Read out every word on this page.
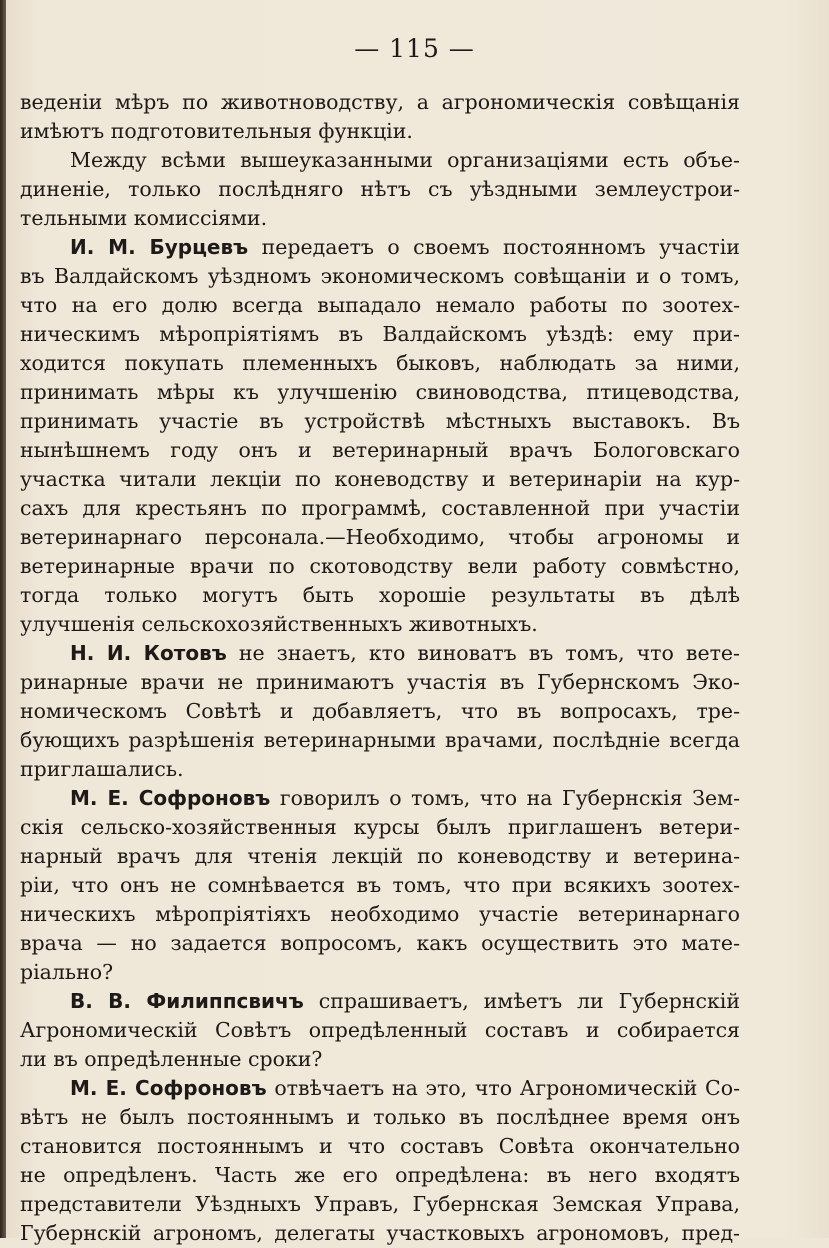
— 115 —
веденіи мѣръ по животноводству, а агрономическія совѣщанія
имѣютъ подготовительныя функціи.
Между всѣми вышеуказанными организаціями есть объе-
диненіе, только послѣдняго нѣтъ съ уѣздными землеустрои-
тельными комиссіями.
И. М. Бурцевъ передаетъ о своемъ постоянномъ участіи
въ Валдайскомъ уѣздномъ экономическомъ совѣщаніи и о томъ,
что на его долю всегда выпадало немало работы по зоотех-
ническимъ мѣропріятіямъ въ Валдайскомъ уѣздѣ: ему при-
ходится покупать племенныхъ быковъ, наблюдать за ними,
принимать мѣры къ улучшенію свиноводства, птицеводства,
принимать участіе въ устройствѣ мѣстныхъ выставокъ. Въ
нынѣшнемъ году онъ и ветеринарный врачъ Бологовскаго
участка читали лекціи по коневодству и ветеринаріи на кур-
сахъ для крестьянъ по программѣ, составленной при участіи
ветеринарнаго персонала.—Необходимо, чтобы агрономы и
ветеринарные врачи по скотоводству вели работу совмѣстно,
тогда только могутъ быть хорошіе результаты въ дѣлѣ
улучшенія сельскохозяйственныхъ животныхъ.
Н. И. Котовъ не знаетъ, кто виноватъ въ томъ, что вете-
ринарные врачи не принимаютъ участія въ Губернскомъ Эко-
номическомъ Совѣтѣ и добавляетъ, что въ вопросахъ, тре-
бующихъ разрѣшенія ветеринарными врачами, послѣдніе всегда
приглашались.
М. Е. Софроновъ говорилъ о томъ, что на Губернскія Зем-
скія сельско-хозяйственныя курсы былъ приглашенъ ветери-
нарный врачъ для чтенія лекцій по коневодству и ветерина-
ріи, что онъ не сомнѣвается въ томъ, что при всякихъ зоотех-
ническихъ мѣропріятіяхъ необходимо участіе ветеринарнаго
врача — но задается вопросомъ, какъ осуществить это мате-
ріально?
В. В. Филиппсвичъ спрашиваетъ, имѣетъ ли Губернскій
Агрономическій Совѣтъ опредѣленный составъ и собирается
ли въ опредѣленные сроки?
М. Е. Софроновъ отвѣчаетъ на это, что Агрономическій Со-
вѣтъ не былъ постояннымъ и только въ послѣднее время онъ
становится постояннымъ и что составъ Совѣта окончательно
не опредѣленъ. Часть же его опредѣлена: въ него входятъ
представители Уѣздныхъ Управъ, Губернская Земская Управа,
Губернскій агрономъ, делегаты участковыхъ агрономовъ, пред-
